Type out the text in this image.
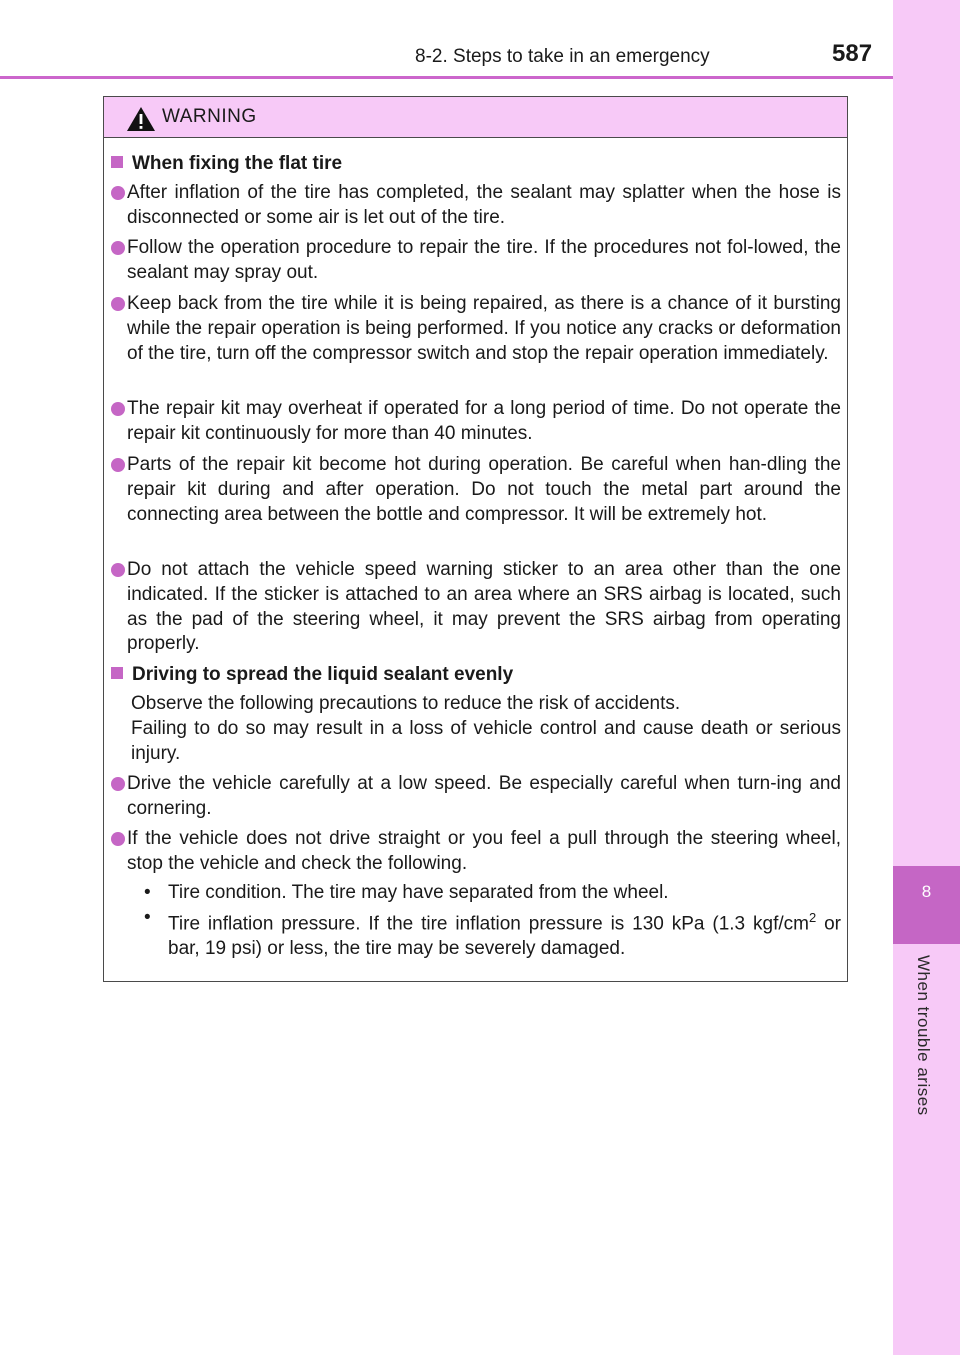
8-2. Steps to take in an emergency	587
8
When trouble arises
WARNING
When fixing the flat tire

After inflation of the tire has completed, the sealant may splatter when the hose is disconnected or some air is let out of the tire.

Follow the operation procedure to repair the tire. If the procedures not fol-lowed, the sealant may spray out.

Keep back from the tire while it is being repaired, as there is a chance of it bursting while the repair operation is being performed. If you notice any cracks or deformation of the tire, turn off the compressor switch and stop the repair operation immediately.

The repair kit may overheat if operated for a long period of time. Do not operate the repair kit continuously for more than 40 minutes.

Parts of the repair kit become hot during operation. Be careful when han-dling the repair kit during and after operation. Do not touch the metal part around the connecting area between the bottle and compressor. It will be extremely hot.

Do not attach the vehicle speed warning sticker to an area other than the one indicated. If the sticker is attached to an area where an SRS airbag is located, such as the pad of the steering wheel, it may prevent the SRS airbag from operating properly.

Driving to spread the liquid sealant evenly

Observe the following precautions to reduce the risk of accidents.

Failing to do so may result in a loss of vehicle control and cause death or serious injury.

Drive the vehicle carefully at a low speed. Be especially careful when turn-ing and cornering.

If the vehicle does not drive straight or you feel a pull through the steering wheel, stop the vehicle and check the following.

• Tire condition. The tire may have separated from the wheel.

• Tire inflation pressure. If the tire inflation pressure is 130 kPa (1.3 kgf/$cm^2$ or bar, 19 psi) or less, the tire may be severely damaged.
